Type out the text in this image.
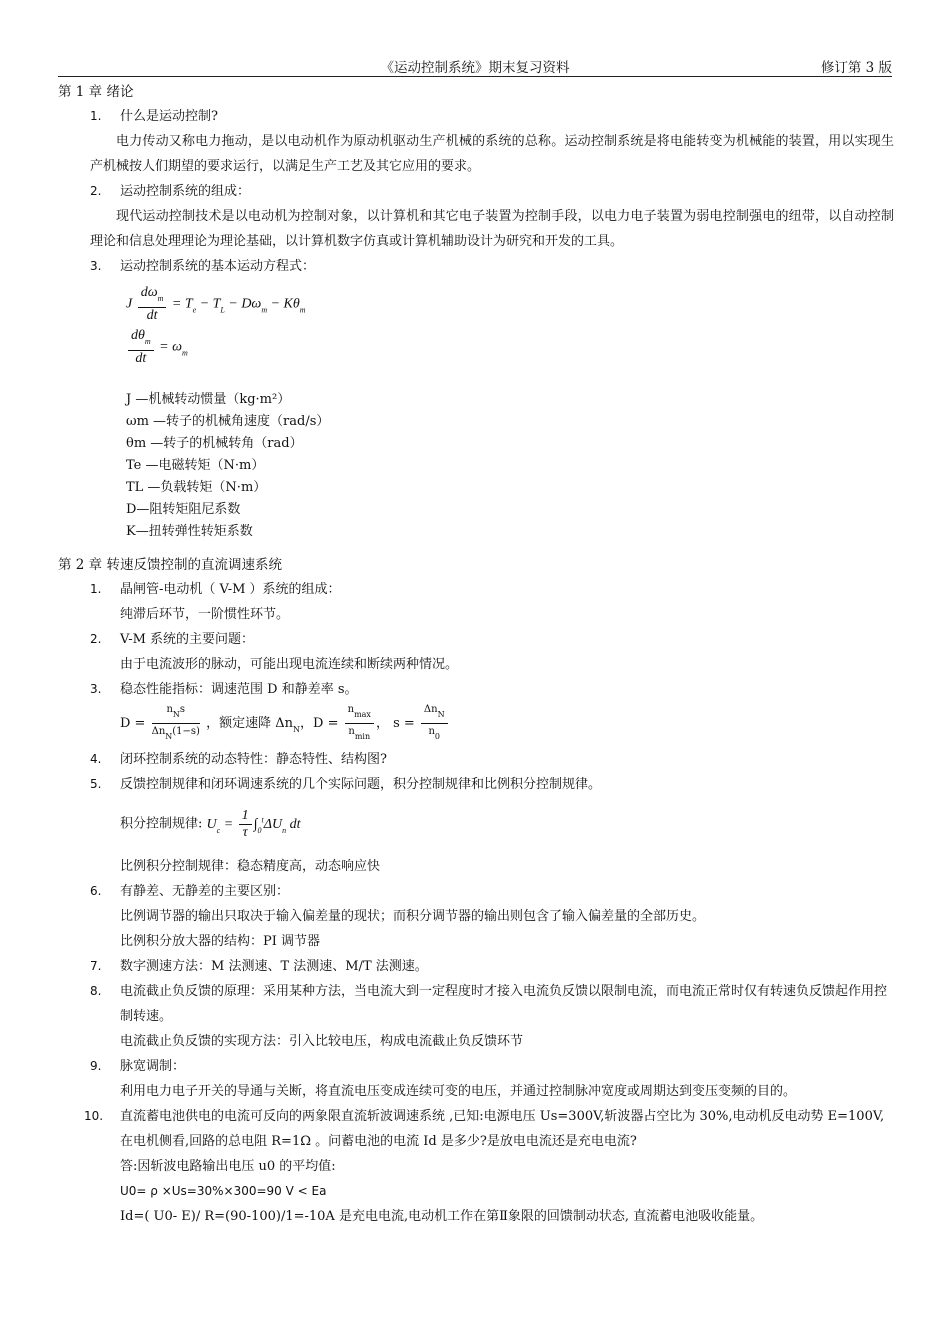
《运动控制系统》期末复习资料	修订第 3 版
第 1 章 绪论
1. 什么是运动控制?
电力传动又称电力拖动，是以电动机作为原动机驱动生产机械的系统的总称。运动控制系统是将电能转变为机械能的装置，用以实现生产机械按人们期望的要求运行，以满足生产工艺及其它应用的要求。
2. 运动控制系统的组成：
现代运动控制技术是以电动机为控制对象，以计算机和其它电子装置为控制手段，以电力电子装置为弱电控制强电的纽带，以自动控制理论和信息处理理论为理论基础，以计算机数字仿真或计算机辅助设计为研究和开发的工具。
3. 运动控制系统的基本运动方程式：
J $\frac{d\omega_m}{dt} = T_e - T_L - D\omega_m - K\theta_m$
$\frac{d\theta_m}{dt} = \omega_m$
J —机械转动惯量（kg·m²）
ωm —转子的机械角速度（rad/s）
θm —转子的机械转角（rad）
Te —电磁转矩（N·m）
TL —负载转矩（N·m）
D—阻转矩阻尼系数
K—扭转弹性转矩系数
第 2 章 转速反馈控制的直流调速系统
1. 晶闸管-电动机（ V-M ）系统的组成：
纯滞后环节，一阶惯性环节。
2. V-M 系统的主要问题：
由于电流波形的脉动，可能出现电流连续和断续两种情况。
3. 稳态性能指标：调速范围 D 和静差率 s。
$D = \frac{n_Ns}{\Delta n_N(1-s)}$ ，额定速降 $\Delta n_N$，$D = \frac{n_{max}}{n_{min}}$ ， $s = \frac{\Delta n_N}{n_0}$
4. 闭环控制系统的动态特性：静态特性、结构图?
5. 反馈控制规律和闭环调速系统的几个实际问题，积分控制规律和比例积分控制规律。
积分控制规律: $U_c = \frac{1}{\tau} \int_0^t\Delta U_n$ dt
比例积分控制规律：稳态精度高，动态响应快
6. 有静差、无静差的主要区别：
比例调节器的输出只取决于输入偏差量的现状；而积分调节器的输出则包含了输入偏差量的全部历史。
比例积分放大器的结构：PI 调节器
7. 数字测速方法：M 法测速、T 法测速、M/T 法测速。
8. 电流截止负反馈的原理：采用某种方法，当电流大到一定程度时才接入电流负反馈以限制电流，而电流正常时仅有转速负反馈起作用控制转速。
电流截止负反馈的实现方法：引入比较电压，构成电流截止负反馈环节
9. 脉宽调制：
利用电力电子开关的导通与关断，将直流电压变成连续可变的电压，并通过控制脉冲宽度或周期达到变压变频的目的。
10. 直流蓄电池供电的电流可反向的两象限直流斩波调速系统 ,已知:电源电压 Us=300V,斩波器占空比为 30%,电动机反电动势 E=100V,在电机侧看,回路的总电阻 R=1Ω 。问蓄电池的电流 Id 是多少?是放电电流还是充电电流?
答:因斩波电路输出电压 u0 的平均值:
U0= ρ ×Us=30%×300=90 V < Ea
Id=( U0- E)/ R=(90-100)/1=-10A 是充电电流,电动机工作在第Ⅱ象限的回馈制动状态, 直流蓄电池吸收能量。
